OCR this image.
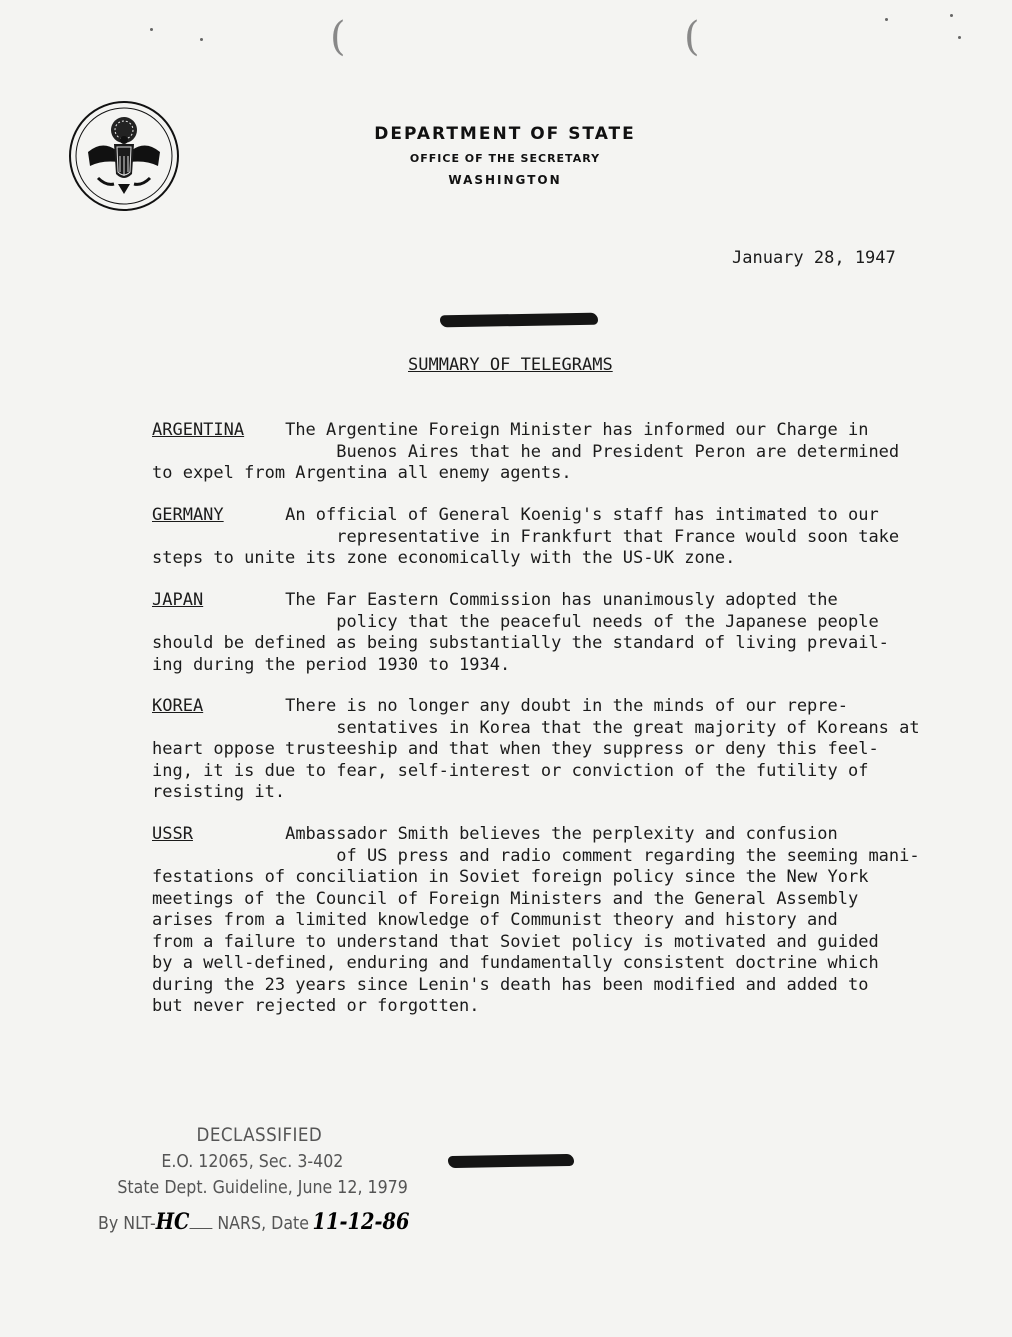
(	(
DEPARTMENT OF STATE
OFFICE OF THE SECRETARY
WASHINGTON
January 28, 1947
SUMMARY OF TELEGRAMS
ARGENTINA The Argentine Foreign Minister has informed our Charge in
Buenos Aires that he and President Peron are determined
to expel from Argentina all enemy agents.
GERMANY	An official of General Koenig's staff has intimated to our
representative in Frankfurt that France would soon take
steps to unite its zone economically with the US-UK zone.
JAPAN	The Far Eastern Commission has unanimously adopted the
policy that the peaceful needs of the Japanese people
should be defined as being substantially the standard of living prevail-
ing during the period 1930 to 1934.
KOREA	There is no longer any doubt in the minds of our repre-
sentatives in Korea that the great majority of Koreans at
heart oppose trusteeship and that when they suppress or deny this feel-
ing, it is due to fear, self-interest or conviction of the futility of
resisting it.
USSR	Ambassador Smith believes the perplexity and confusion
of US press and radio comment regarding the seeming mani-
festations of conciliation in Soviet foreign policy since the New York
meetings of the Council of Foreign Ministers and the General Assembly
arises from a limited knowledge of Communist theory and history and
from a failure to understand that Soviet policy is motivated and guided
by a well-defined, enduring and fundamentally consistent doctrine which
during the 23 years since Lenin's death has been modified and added to
but never rejected or forgotten.
DECLASSIFIED
E.O. 12065, Sec. 3-402
State Dept. Guideline, June 12, 1979
By NLT-HC NARS, Date 11-12-86
